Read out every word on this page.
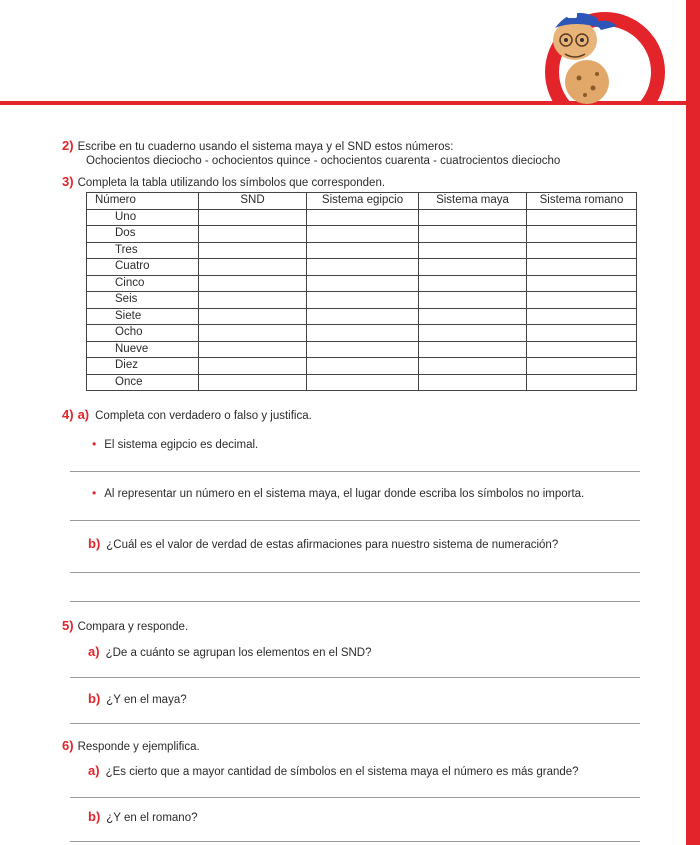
2) Escribe en tu cuaderno usando el sistema maya y el SND estos números:
Ochocientos dieciocho - ochocientos quince - ochocientos cuarenta - cuatrocientos dieciocho
3) Completa la tabla utilizando los símbolos que corresponden.
Número	SND	Sistema egipcio	Sistema maya	Sistema romano
Uno				
Dos				
Tres				
Cuatro				
Cinco				
Seis				
Siete				
Ocho				
Nueve				
Diez				
Once				
4) a) Completa con verdadero o falso y justifica.
• El sistema egipcio es decimal.
• Al representar un número en el sistema maya, el lugar donde escriba los símbolos no importa.
b) ¿Cuál es el valor de verdad de estas afirmaciones para nuestro sistema de numeración?
5) Compara y responde.
a) ¿De a cuánto se agrupan los elementos en el SND?
b) ¿Y en el maya?
6) Responde y ejemplifica.
a) ¿Es cierto que a mayor cantidad de símbolos en el sistema maya el número es más grande?
b) ¿Y en el romano?
